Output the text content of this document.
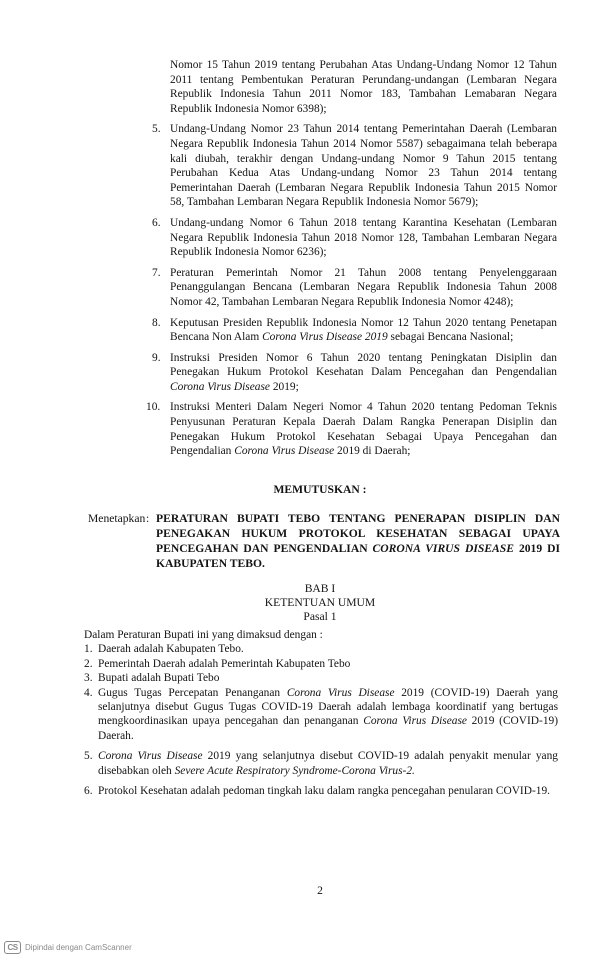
Nomor 15 Tahun 2019 tentang Perubahan Atas Undang-Undang Nomor 12 Tahun 2011 tentang Pembentukan Peraturan Perundang-undangan (Lembaran Negara Republik Indonesia Tahun 2011 Nomor 183, Tambahan Lemabaran Negara Republik Indonesia Nomor 6398);
5. Undang-Undang Nomor 23 Tahun 2014 tentang Pemerintahan Daerah (Lembaran Negara Republik Indonesia Tahun 2014 Nomor 5587) sebagaimana telah beberapa kali diubah, terakhir dengan Undang-undang Nomor 9 Tahun 2015 tentang Perubahan Kedua Atas Undang-undang Nomor 23 Tahun 2014 tentang Pemerintahan Daerah (Lembaran Negara Republik Indonesia Tahun 2015 Nomor 58, Tambahan Lembaran Negara Republik Indonesia Nomor 5679);
6. Undang-undang Nomor 6 Tahun 2018 tentang Karantina Kesehatan (Lembaran Negara Republik Indonesia Tahun 2018 Nomor 128, Tambahan Lembaran Negara Republik Indonesia Nomor 6236);
7. Peraturan Pemerintah Nomor 21 Tahun 2008 tentang Penyelenggaraan Penanggulangan Bencana (Lembaran Negara Republik Indonesia Tahun 2008 Nomor 42, Tambahan Lembaran Negara Republik Indonesia Nomor 4248);
8. Keputusan Presiden Republik Indonesia Nomor 12 Tahun 2020 tentang Penetapan Bencana Non Alam Corona Virus Disease 2019 sebagai Bencana Nasional;
9. Instruksi Presiden Nomor 6 Tahun 2020 tentang Peningkatan Disiplin dan Penegakan Hukum Protokol Kesehatan Dalam Pencegahan dan Pengendalian Corona Virus Disease 2019;
10. Instruksi Menteri Dalam Negeri Nomor 4 Tahun 2020 tentang Pedoman Teknis Penyusunan Peraturan Kepala Daerah Dalam Rangka Penerapan Disiplin dan Penegakan Hukum Protokol Kesehatan Sebagai Upaya Pencegahan dan Pengendalian Corona Virus Disease 2019 di Daerah;
MEMUTUSKAN :
Menetapkan : PERATURAN BUPATI TEBO TENTANG PENERAPAN DISIPLIN DAN PENEGAKAN HUKUM PROTOKOL KESEHATAN SEBAGAI UPAYA PENCEGAHAN DAN PENGENDALIAN CORONA VIRUS DISEASE 2019 DI KABUPATEN TEBO.
BAB I
KETENTUAN UMUM
Pasal 1
Dalam Peraturan Bupati ini yang dimaksud dengan :
1. Daerah adalah Kabupaten Tebo.
2. Pemerintah Daerah adalah Pemerintah Kabupaten Tebo
3. Bupati adalah Bupati Tebo
4. Gugus Tugas Percepatan Penanganan Corona Virus Disease 2019 (COVID-19) Daerah yang selanjutnya disebut Gugus Tugas COVID-19 Daerah adalah lembaga koordinatif yang bertugas mengkoordinasikan upaya pencegahan dan penanganan Corona Virus Disease 2019 (COVID-19) Daerah.
5. Corona Virus Disease 2019 yang selanjutnya disebut COVID-19 adalah penyakit menular yang disebabkan oleh Severe Acute Respiratory Syndrome-Corona Virus-2.
6. Protokol Kesehatan adalah pedoman tingkah laku dalam rangka pencegahan penularan COVID-19.
2
CS Dipindai dengan CamScanner
